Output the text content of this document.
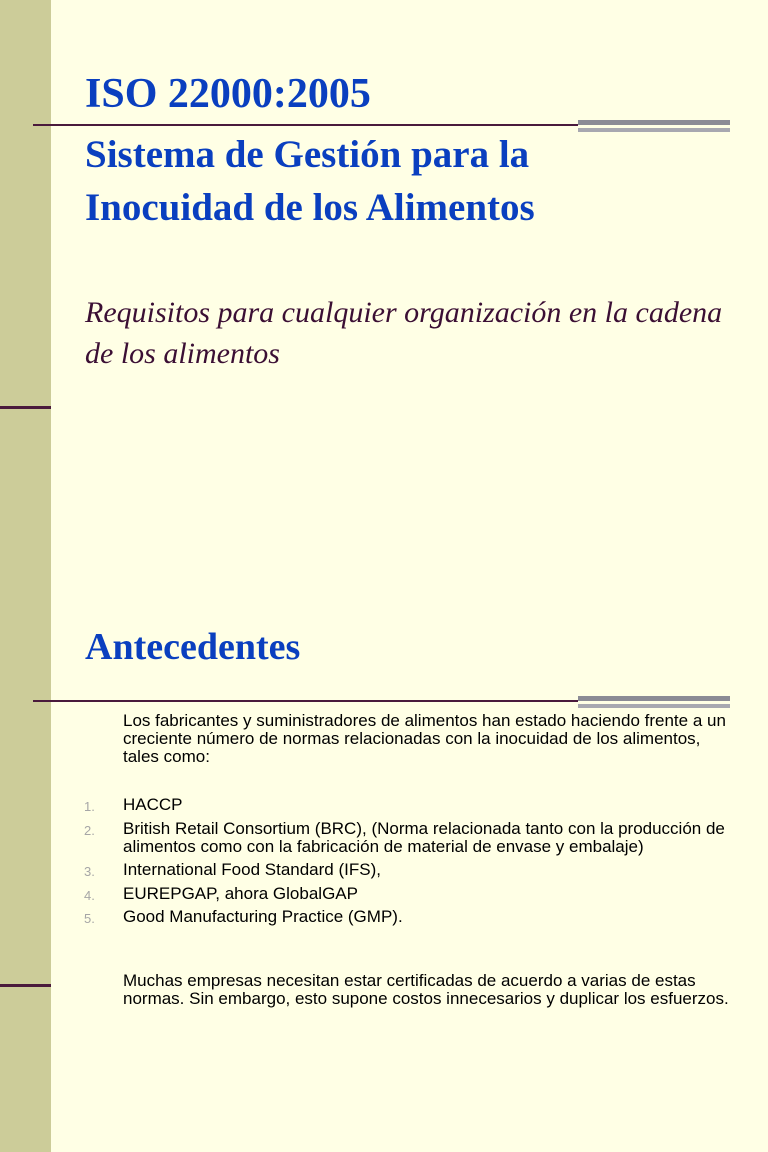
ISO 22000:2005
Sistema de Gestión para la Inocuidad de los Alimentos

Requisitos para cualquier organización en la cadena de los alimentos

Antecedentes

Los fabricantes y suministradores de alimentos han estado haciendo frente a un creciente número de normas relacionadas con la inocuidad de los alimentos, tales como:

1. HACCP
2. British Retail Consortium (BRC), (Norma relacionada tanto con la producción de alimentos como con la fabricación de material de envase y embalaje)
3. International Food Standard (IFS),
4. EUREPGAP, ahora GlobalGAP
5. Good Manufacturing Practice (GMP).

Muchas empresas necesitan estar certificadas de acuerdo a varias de estas normas. Sin embargo, esto supone costos innecesarios y duplicar los esfuerzos.
